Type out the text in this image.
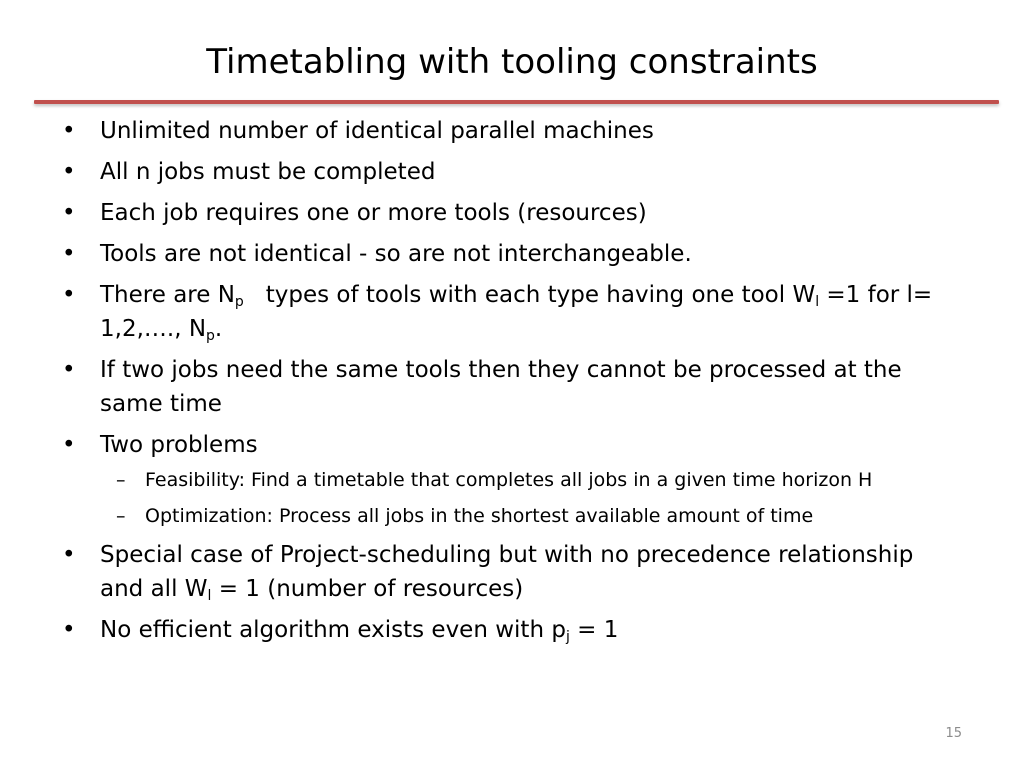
Timetabling with tooling constraints
• Unlimited number of identical parallel machines
• All n jobs must be completed
• Each job requires one or more tools (resources)
• Tools are not identical - so are not interchangeable.
• There are $N_p$   types of tools with each type having one tool $W_l =1$ for l= 1,2,…., $N_p$.
• If two jobs need the same tools then they cannot be processed at the same time
• Two problems
– Feasibility: Find a timetable that completes all jobs in a given time horizon H
– Optimization: Process all jobs in the shortest available amount of time
• Special case of Project-scheduling but with no precedence relationship and all $W_l = 1$ (number of resources)
• No efficient algorithm exists even with $p_j = 1$
15
